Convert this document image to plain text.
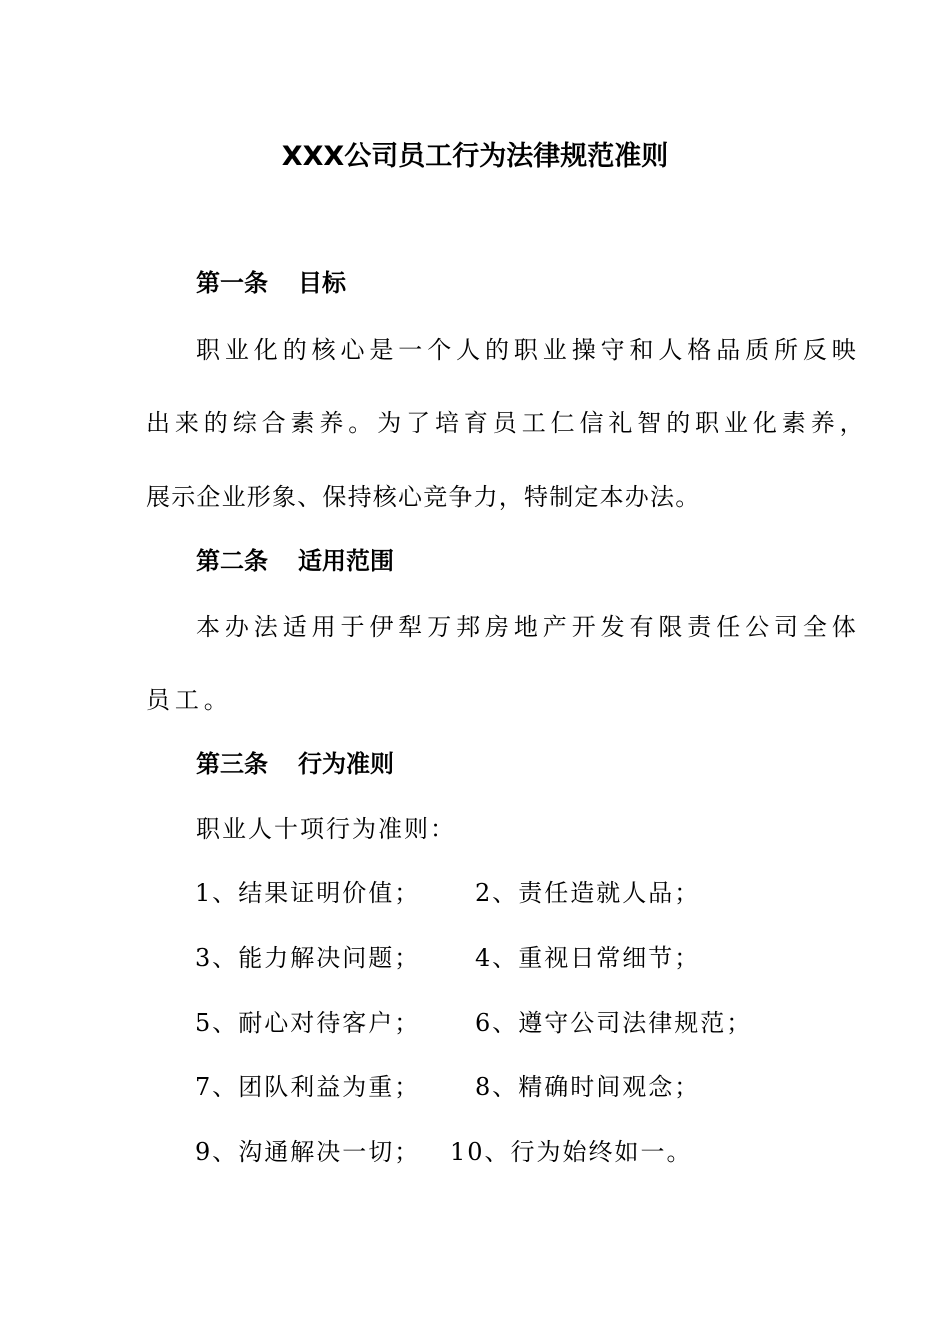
XXX公司员工行为法律规范准则
第一条 目标
职业化的核心是一个人的职业操守和人格品质所反映
出来的综合素养。为了培育员工仁信礼智的职业化素养，
展示企业形象、保持核心竞争力，特制定本办法。
第二条 适用范围
本办法适用于伊犁万邦房地产开发有限责任公司全体
员工。
第三条 行为准则
职业人十项行为准则：
1、结果证明价值； 2、责任造就人品；
3、能力解决问题； 4、重视日常细节；
5、耐心对待客户； 6、遵守公司法律规范；
7、团队利益为重； 8、精确时间观念；
9、沟通解决一切； 10、行为始终如一。
